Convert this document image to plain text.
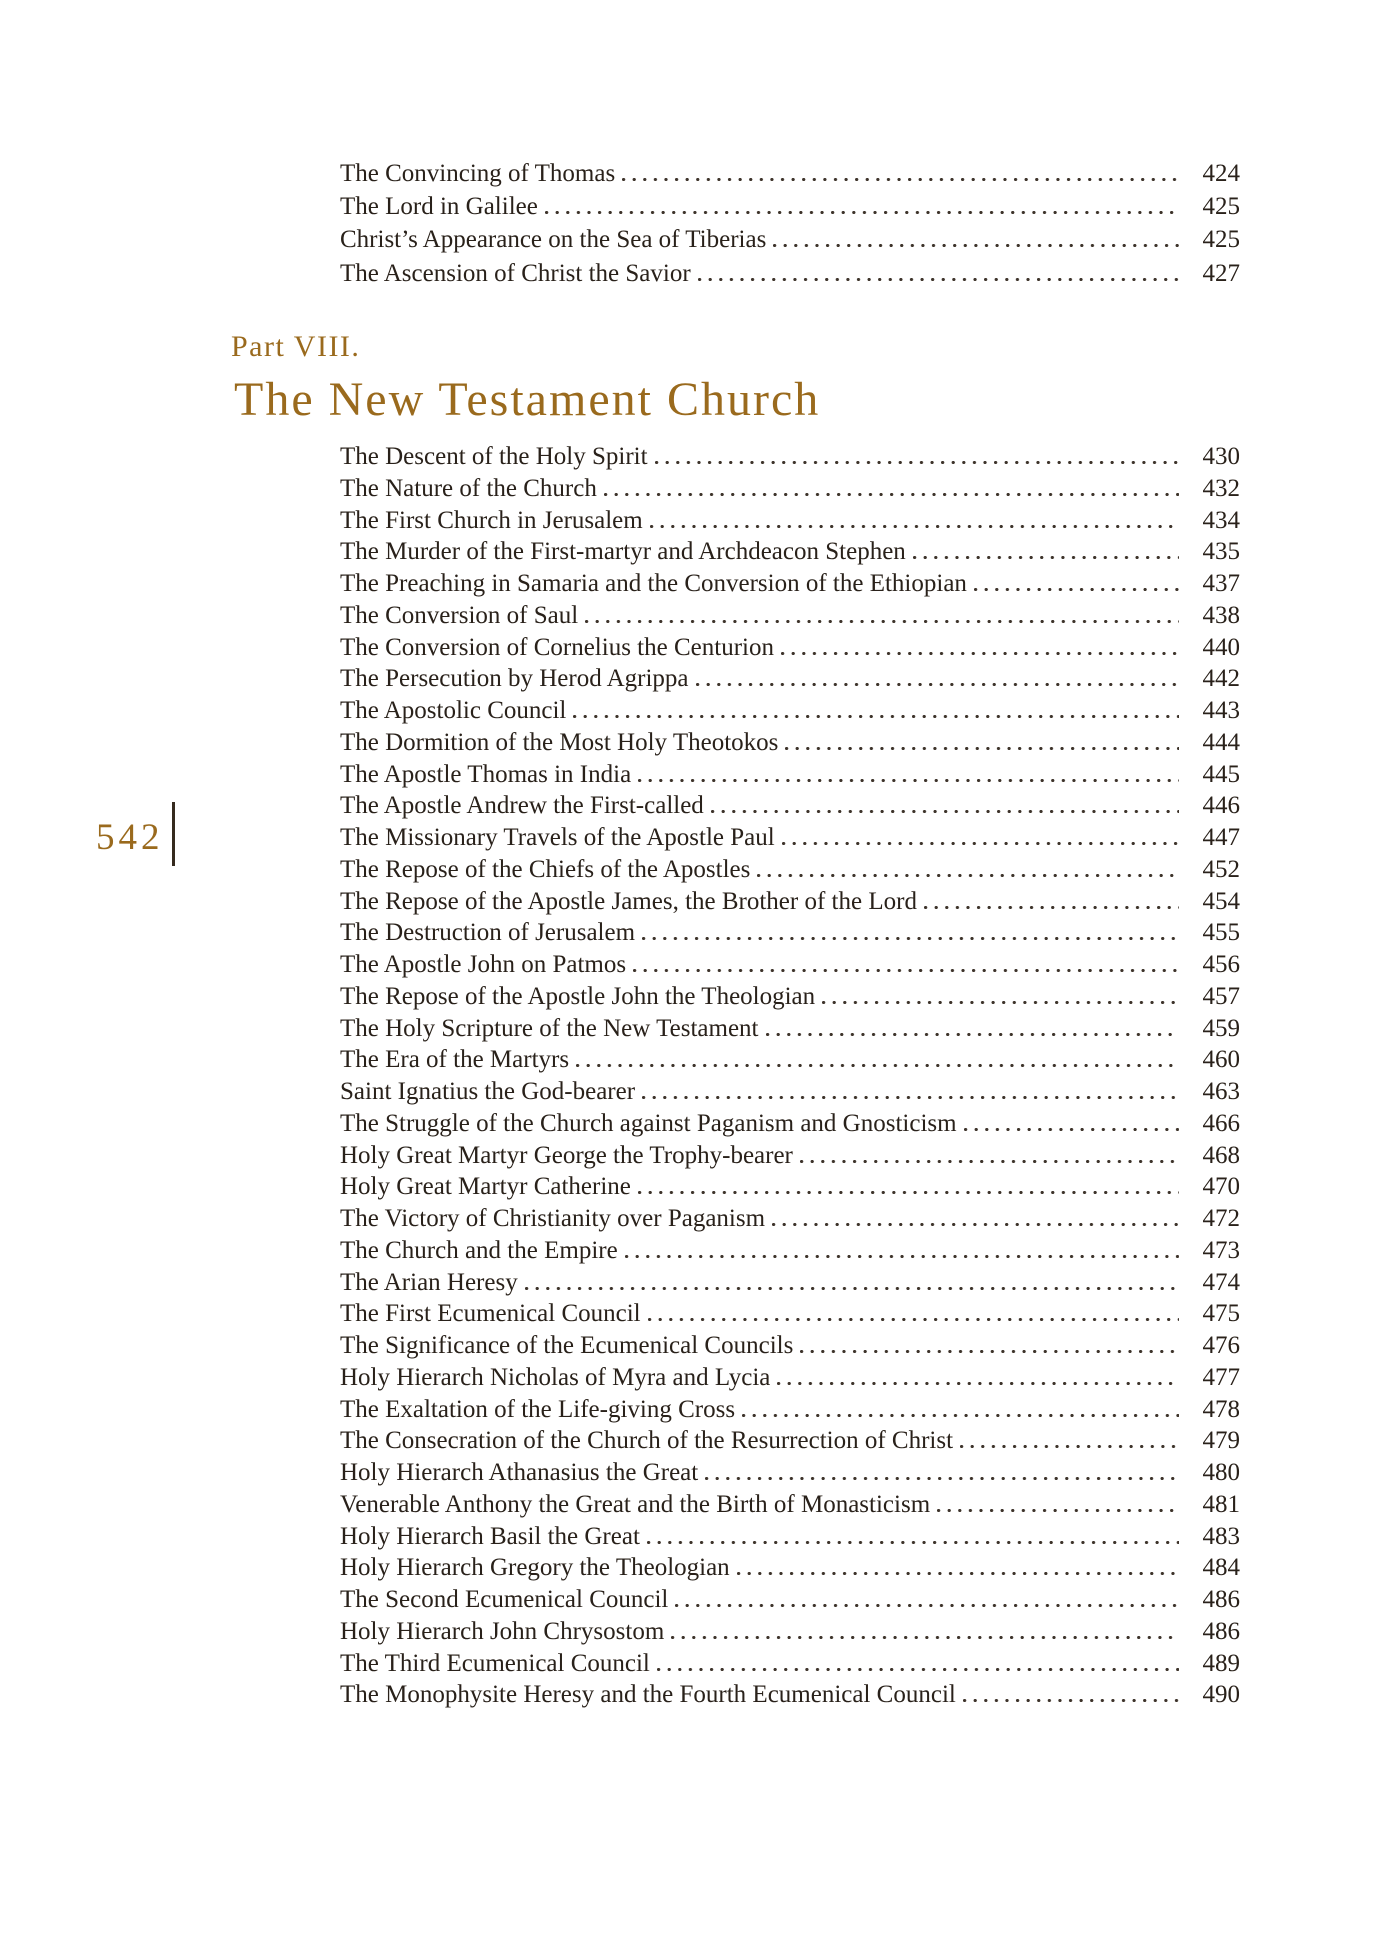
542
The Convincing of Thomas	424
The Lord in Galilee	425
Christ’s Appearance on the Sea of Tiberias	425
The Ascension of Christ the Savior	427
Part VIII.
The New Testament Church
The Descent of the Holy Spirit	430
The Nature of the Church	432
The First Church in Jerusalem	434
The Murder of the First-martyr and Archdeacon Stephen	435
The Preaching in Samaria and the Conversion of the Ethiopian	437
The Conversion of Saul	438
The Conversion of Cornelius the Centurion	440
The Persecution by Herod Agrippa	442
The Apostolic Council	443
The Dormition of the Most Holy Theotokos	444
The Apostle Thomas in India	445
The Apostle Andrew the First-called	446
The Missionary Travels of the Apostle Paul	447
The Repose of the Chiefs of the Apostles	452
The Repose of the Apostle James, the Brother of the Lord	454
The Destruction of Jerusalem	455
The Apostle John on Patmos	456
The Repose of the Apostle John the Theologian	457
The Holy Scripture of the New Testament	459
The Era of the Martyrs	460
Saint Ignatius the God-bearer	463
The Struggle of the Church against Paganism and Gnosticism	466
Holy Great Martyr George the Trophy-bearer	468
Holy Great Martyr Catherine	470
The Victory of Christianity over Paganism	472
The Church and the Empire	473
The Arian Heresy	474
The First Ecumenical Council	475
The Significance of the Ecumenical Councils	476
Holy Hierarch Nicholas of Myra and Lycia	477
The Exaltation of the Life-giving Cross	478
The Consecration of the Church of the Resurrection of Christ	479
Holy Hierarch Athanasius the Great	480
Venerable Anthony the Great and the Birth of Monasticism	481
Holy Hierarch Basil the Great	483
Holy Hierarch Gregory the Theologian	484
The Second Ecumenical Council	486
Holy Hierarch John Chrysostom	486
The Third Ecumenical Council	489
The Monophysite Heresy and the Fourth Ecumenical Council	490
